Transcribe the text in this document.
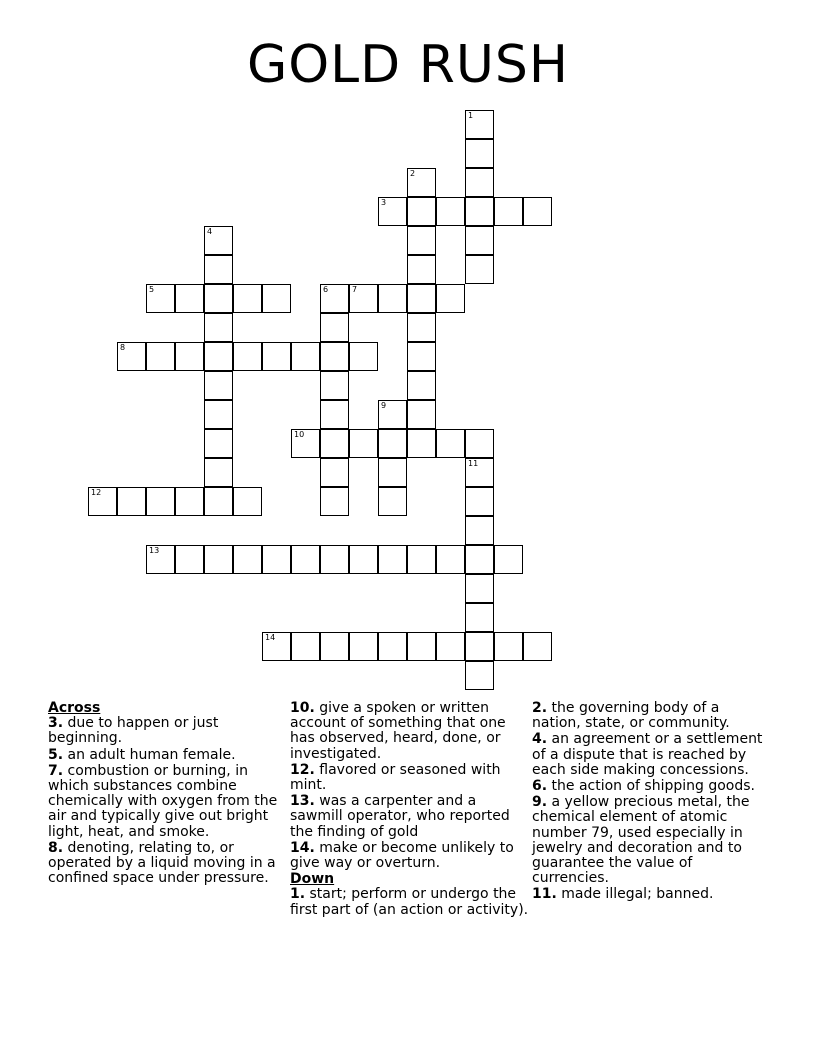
GOLD RUSH
1
2
3
4
5	6	7
8
9
10
11
12
13
14
Across
3. due to happen or just beginning.
5. an adult human female.
7. combustion or burning, in which substances combine chemically with oxygen from the air and typically give out bright light, heat, and smoke.
8. denoting, relating to, or operated by a liquid moving in a confined space under pressure.
10. give a spoken or written account of something that one has observed, heard, done, or investigated.
12. flavored or seasoned with mint.
13. was a carpenter and a sawmill operator, who reported the finding of gold
14. make or become unlikely to give way or overturn.
Down
1. start; perform or undergo the first part of (an action or activity).
2. the governing body of a nation, state, or community.
4. an agreement or a settlement of a dispute that is reached by each side making concessions.
6. the action of shipping goods.
9. a yellow precious metal, the chemical element of atomic number 79, used especially in jewelry and decoration and to guarantee the value of currencies.
11. made illegal; banned.
